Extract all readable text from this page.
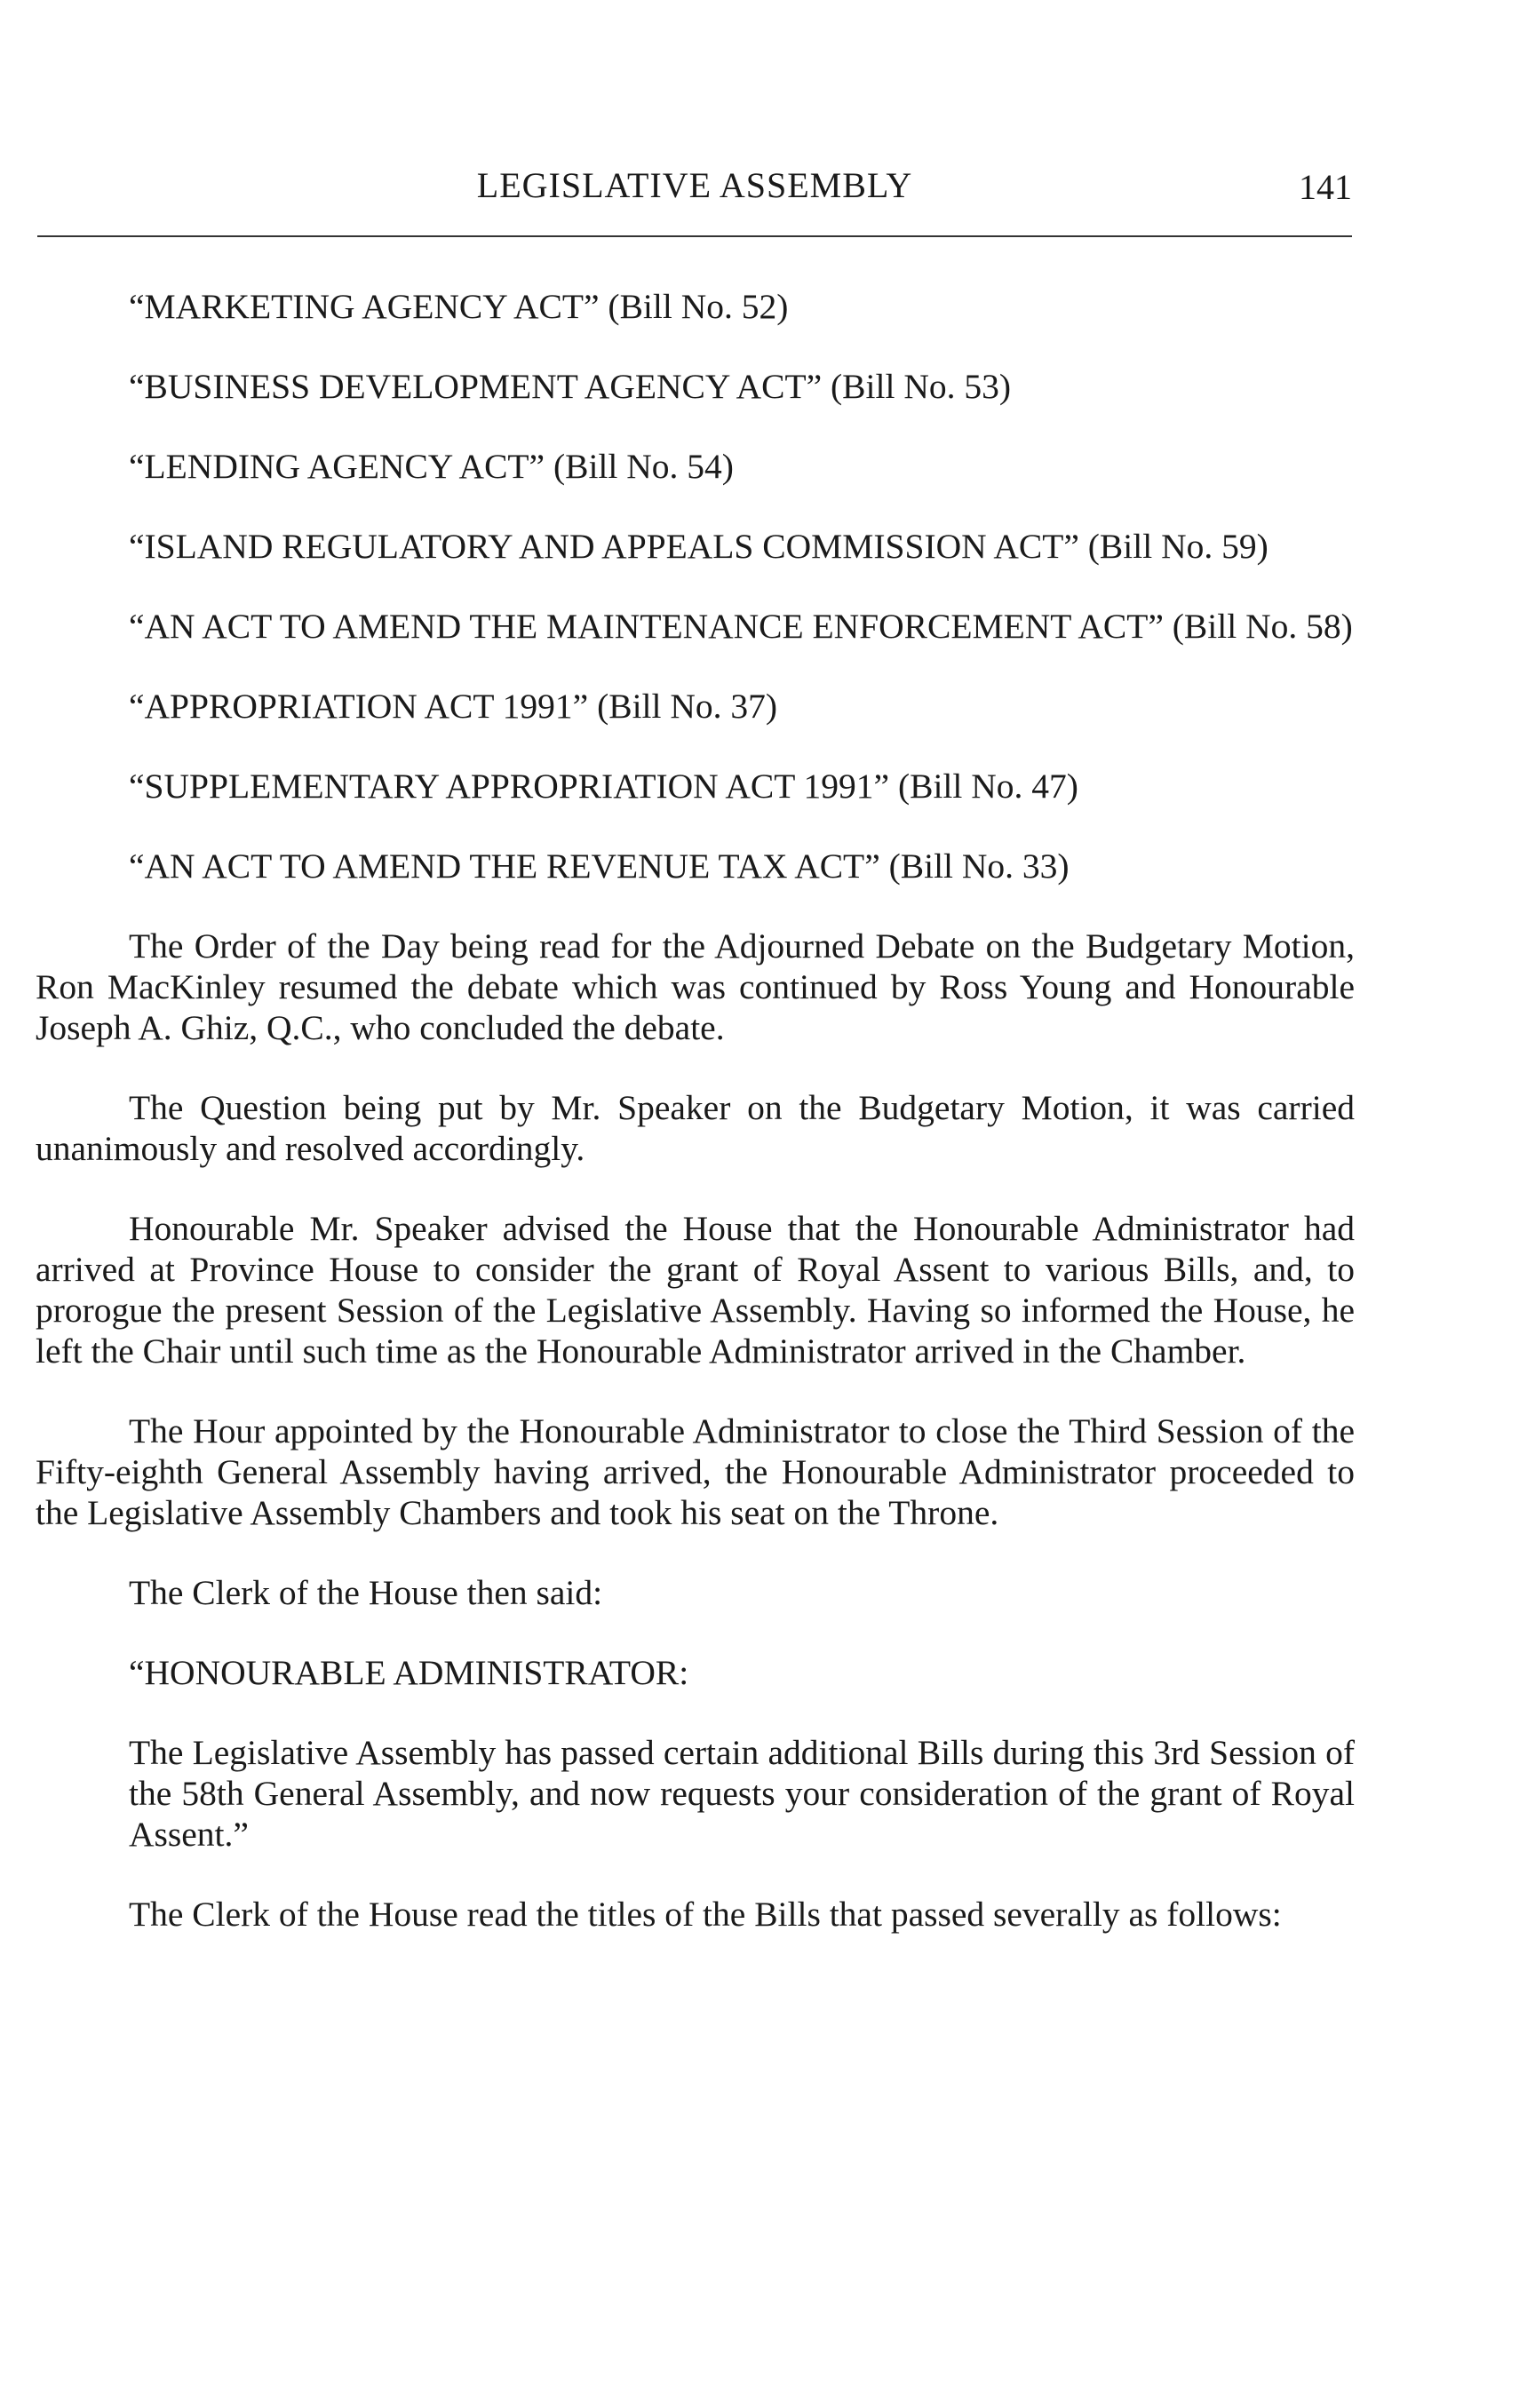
LEGISLATIVE ASSEMBLY	141

“MARKETING AGENCY ACT” (Bill No. 52)

“BUSINESS DEVELOPMENT AGENCY ACT” (Bill No. 53)

“LENDING AGENCY ACT” (Bill No. 54)

“ISLAND REGULATORY AND APPEALS COMMISSION ACT” (Bill No. 59)

“AN ACT TO AMEND THE MAINTENANCE ENFORCEMENT ACT” (Bill No. 58)

“APPROPRIATION ACT 1991” (Bill No. 37)

“SUPPLEMENTARY APPROPRIATION ACT 1991” (Bill No. 47)

“AN ACT TO AMEND THE REVENUE TAX ACT” (Bill No. 33)

The Order of the Day being read for the Adjourned Debate on the Budgetary Motion, Ron MacKinley resumed the debate which was continued by Ross Young and Honourable Joseph A. Ghiz, Q.C., who concluded the debate.

The Question being put by Mr. Speaker on the Budgetary Motion, it was carried unanimously and resolved accordingly.

Honourable Mr. Speaker advised the House that the Honourable Administrator had arrived at Province House to consider the grant of Royal Assent to various Bills, and, to prorogue the present Session of the Legislative Assembly. Having so informed the House, he left the Chair until such time as the Honourable Administrator arrived in the Chamber.

The Hour appointed by the Honourable Administrator to close the Third Session of the Fifty-eighth General Assembly having arrived, the Honourable Administrator proceeded to the Legislative Assembly Chambers and took his seat on the Throne.

The Clerk of the House then said:

“HONOURABLE ADMINISTRATOR:

The Legislative Assembly has passed certain additional Bills during this 3rd Session of the 58th General Assembly, and now requests your consideration of the grant of Royal Assent.”

The Clerk of the House read the titles of the Bills that passed severally as follows:
